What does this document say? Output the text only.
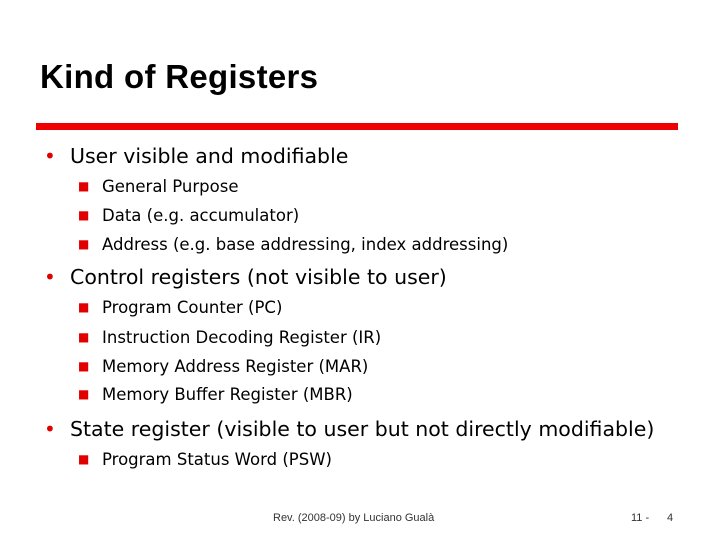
Kind of Registers
• User visible and modifiable
■ General Purpose
■ Data (e.g. accumulator)
■ Address (e.g. base addressing, index addressing)
• Control registers (not visible to user)
■ Program Counter (PC)
■ Instruction Decoding Register (IR)
■ Memory Address Register (MAR)
■ Memory Buffer Register (MBR)
• State register (visible to user but not directly modifiable)
■ Program Status Word (PSW)
Rev. (2008-09) by Luciano Gualà	11 - 4
